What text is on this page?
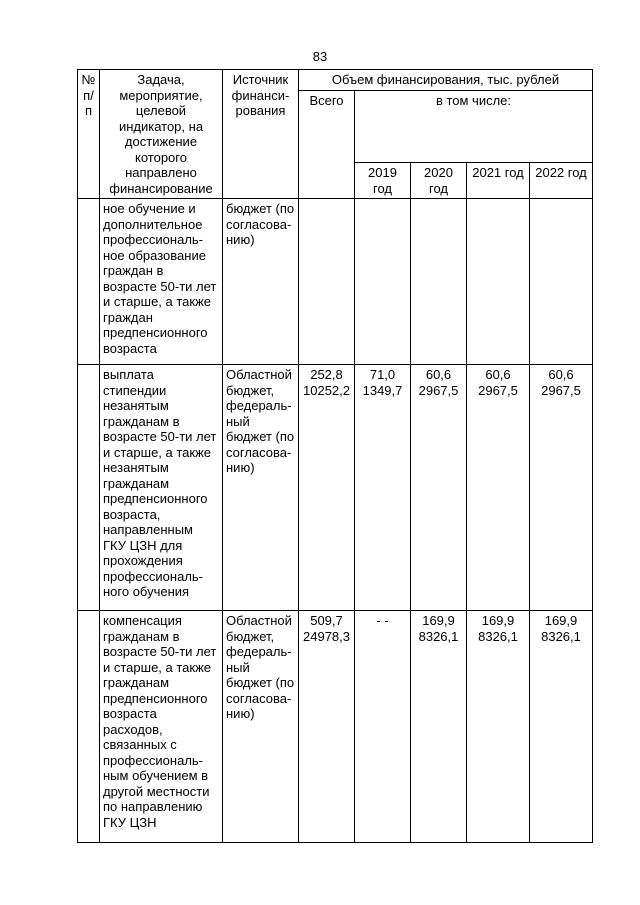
83
№ п/п	Задача, мероприятие, целевой индикатор, на достижение которого направлено финансирование	Источник финанси-рования	Объем финансирования, тыс. рублей				
			Всего	в том числе:			
				2019 год	2020 год	2021 год	2022 год
	ное обучение и дополнительное профессиональ-ное образование граждан в возрасте 50-ти лет и старше, а также граждан предпенсионного возраста	бюджет (по согласова-нию)					
	выплата стипендии незанятым гражданам в возрасте 50-ти лет и старше, а также незанятым гражданам предпенсионного возраста, направленным ГКУ ЦЗН для прохождения профессиональ-ного обучения	Областной бюджет, федераль-ный бюджет (по согласова-нию)	252,8 10252,2	71,0 1349,7	60,6 2967,5	60,6 2967,5	60,6 2967,5
	компенсация гражданам в возрасте 50-ти лет и старше, а также гражданам предпенсионного возраста расходов, связанных с профессиональ-ным обучением в другой местности по направлению ГКУ ЦЗН	Областной бюджет, федераль-ный бюджет (по согласова-нию)	509,7 24978,3	- -	169,9 8326,1	169,9 8326,1	169,9 8326,1
